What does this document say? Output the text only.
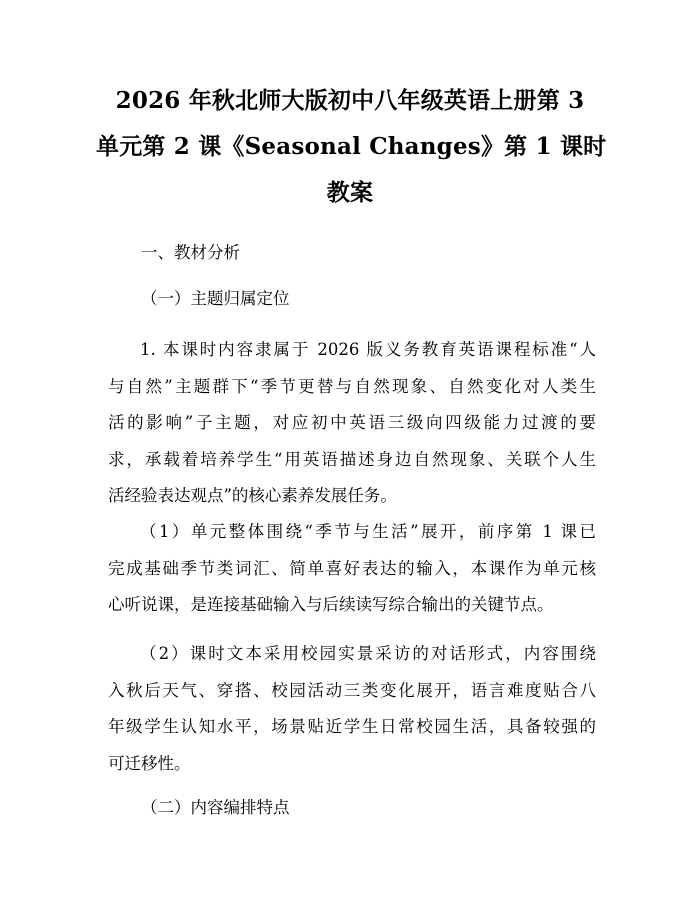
2026 年秋北师大版初中八年级英语上册第 3
单元第 2 课《Seasonal Changes》第 1 课时
教案
一、教材分析
（一）主题归属定位
1. 本课时内容隶属于 2026 版义务教育英语课程标准“人
与自然”主题群下“季节更替与自然现象、自然变化对人类生
活的影响”子主题，对应初中英语三级向四级能力过渡的要
求，承载着培养学生“用英语描述身边自然现象、关联个人生
活经验表达观点”的核心素养发展任务。
（1）单元整体围绕“季节与生活”展开，前序第 1 课已
完成基础季节类词汇、简单喜好表达的输入，本课作为单元核
心听说课，是连接基础输入与后续读写综合输出的关键节点。
（2）课时文本采用校园实景采访的对话形式，内容围绕
入秋后天气、穿搭、校园活动三类变化展开，语言难度贴合八
年级学生认知水平，场景贴近学生日常校园生活，具备较强的
可迁移性。
（二）内容编排特点
